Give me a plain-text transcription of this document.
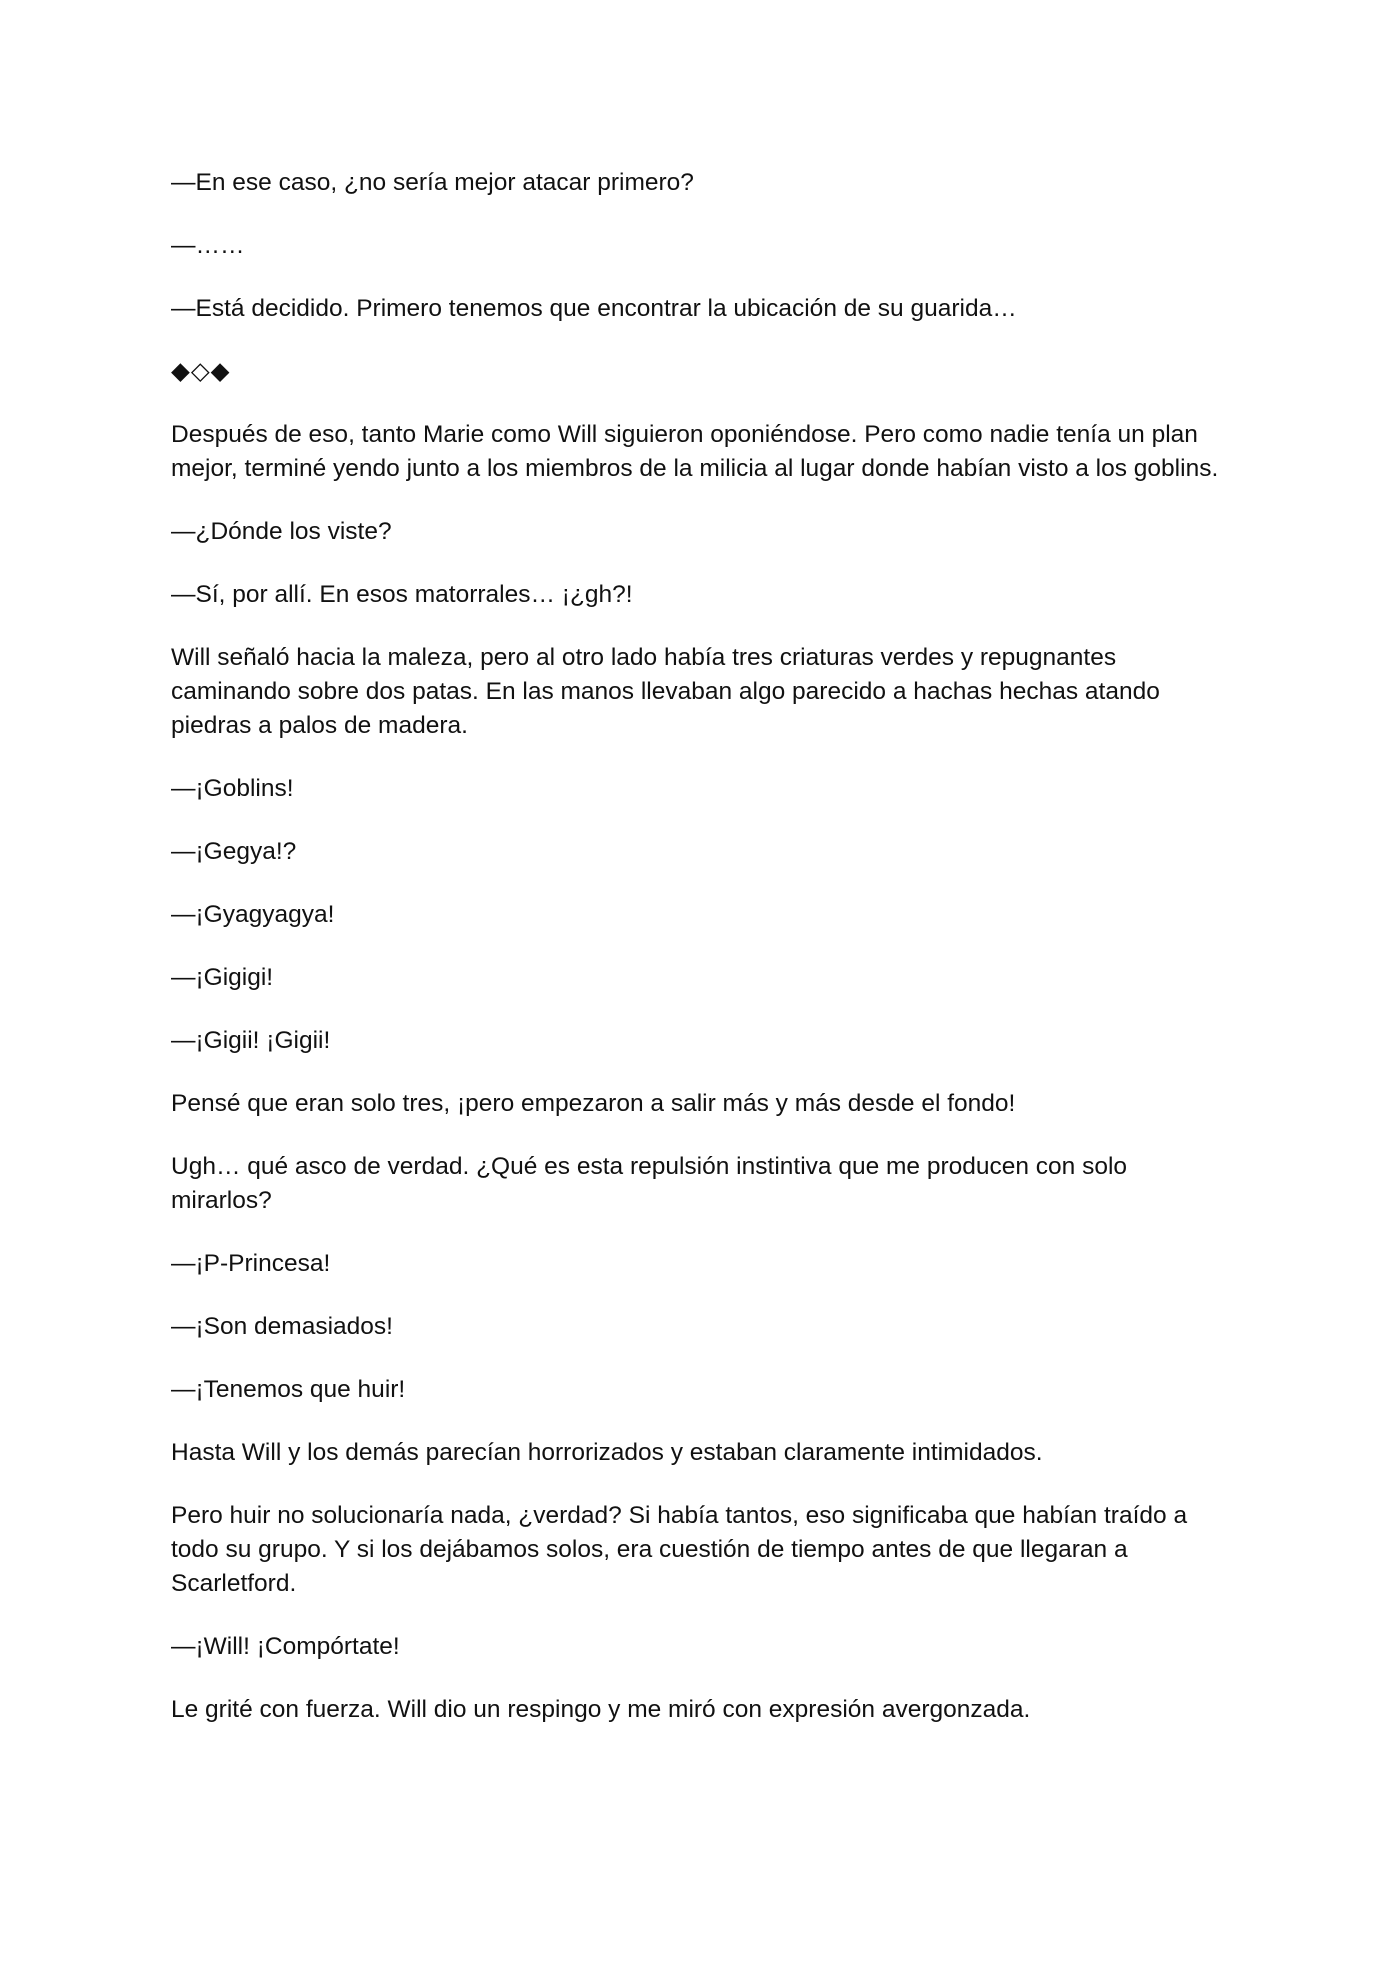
—En ese caso, ¿no sería mejor atacar primero?

—……

—Está decidido. Primero tenemos que encontrar la ubicación de su guarida…

◆◇◆

Después de eso, tanto Marie como Will siguieron oponiéndose. Pero como nadie tenía un plan mejor, terminé yendo junto a los miembros de la milicia al lugar donde habían visto a los goblins.

—¿Dónde los viste?

—Sí, por allí. En esos matorrales… ¡¿gh?!

Will señaló hacia la maleza, pero al otro lado había tres criaturas verdes y repugnantes caminando sobre dos patas. En las manos llevaban algo parecido a hachas hechas atando piedras a palos de madera.

—¡Goblins!

—¡Gegya!?

—¡Gyagyagya!

—¡Gigigi!

—¡Gigii! ¡Gigii!

Pensé que eran solo tres, ¡pero empezaron a salir más y más desde el fondo!

Ugh… qué asco de verdad. ¿Qué es esta repulsión instintiva que me producen con solo mirarlos?

—¡P-Princesa!

—¡Son demasiados!

—¡Tenemos que huir!

Hasta Will y los demás parecían horrorizados y estaban claramente intimidados.

Pero huir no solucionaría nada, ¿verdad? Si había tantos, eso significaba que habían traído a todo su grupo. Y si los dejábamos solos, era cuestión de tiempo antes de que llegaran a Scarletford.

—¡Will! ¡Compórtate!

Le grité con fuerza. Will dio un respingo y me miró con expresión avergonzada.
